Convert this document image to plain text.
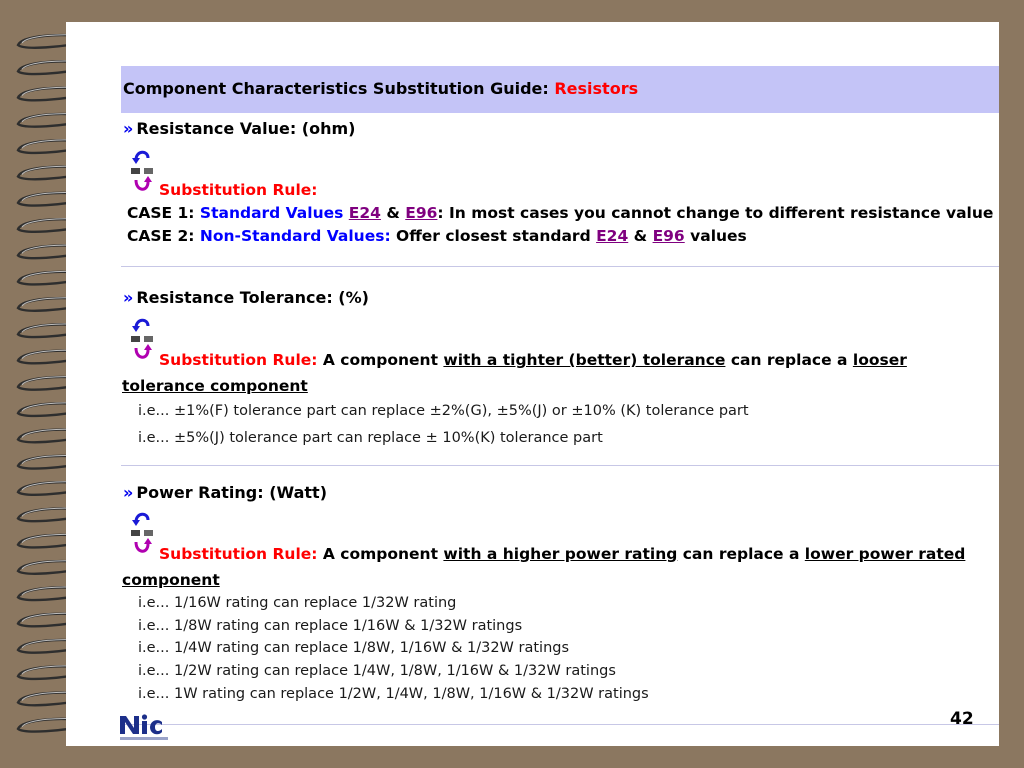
Component Characteristics Substitution Guide: Resistors
» Resistance Value: (ohm)
Substitution Rule:
CASE 1: Standard Values E24 & E96: In most cases you cannot change to different resistance value
CASE 2: Non-Standard Values: Offer closest standard E24 & E96 values
» Resistance Tolerance: (%)
Substitution Rule: A component with a tighter (better) tolerance can replace a looser tolerance component
i.e... ±1%(F) tolerance part can replace ±2%(G), ±5%(J) or ±10% (K) tolerance part
i.e... ±5%(J) tolerance part can replace ± 10%(K) tolerance part
» Power Rating: (Watt)
Substitution Rule: A component with a higher power rating can replace a lower power rated component
i.e... 1/16W rating can replace 1/32W rating
i.e... 1/8W rating can replace 1/16W & 1/32W ratings
i.e... 1/4W rating can replace 1/8W, 1/16W & 1/32W ratings
i.e... 1/2W rating can replace 1/4W, 1/8W, 1/16W & 1/32W ratings
i.e... 1W rating can replace 1/2W, 1/4W, 1/8W, 1/16W & 1/32W ratings
42
